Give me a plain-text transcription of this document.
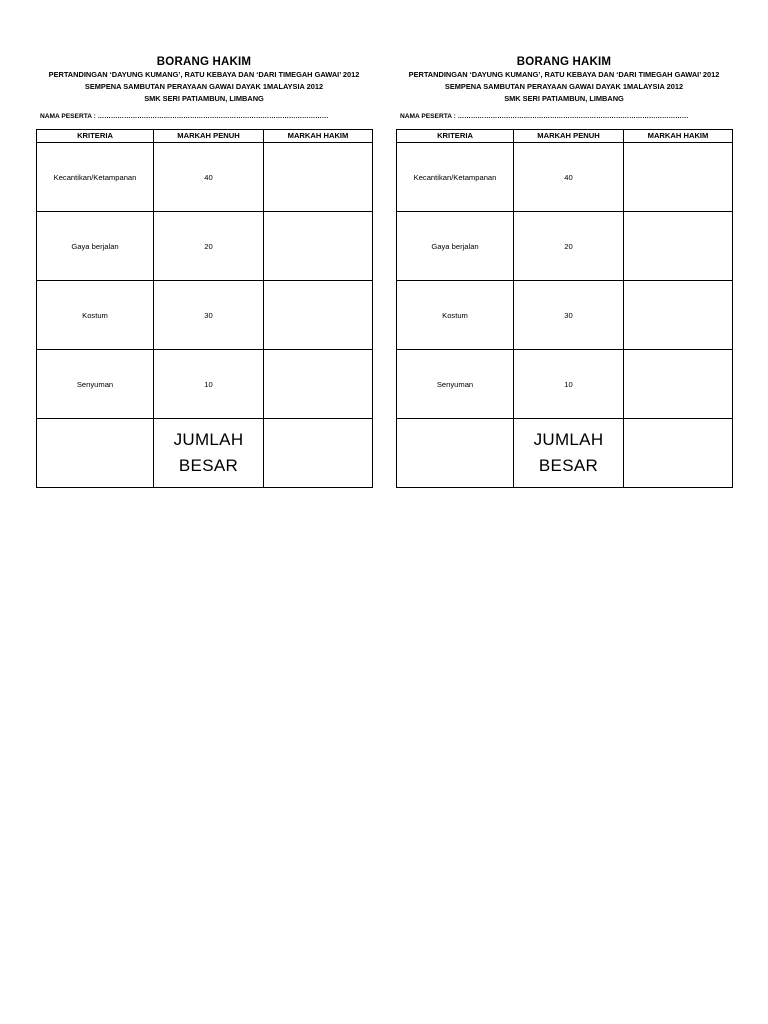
BORANG HAKIM
PERTANDINGAN ‘DAYUNG KUMANG’, RATU KEBAYA DAN ‘DARI TIMEGAH GAWAI’ 2012
SEMPENA SAMBUTAN PERAYAAN GAWAI DAYAK 1MALAYSIA 2012
SMK SERI PATIAMBUN, LIMBANG
NAMA PESERTA : ……………………………………………………………………………………………
KRITERIA	MARKAH PENUH	MARKAH HAKIM
Kecantikan/Ketampanan	40	
Gaya berjalan	20	
Kostum	30	
Senyuman	10	

	JUMLAH
BESAR	

BORANG HAKIM
PERTANDINGAN ‘DAYUNG KUMANG’, RATU KEBAYA DAN ‘DARI TIMEGAH GAWAI’ 2012
SEMPENA SAMBUTAN PERAYAAN GAWAI DAYAK 1MALAYSIA 2012
SMK SERI PATIAMBUN, LIMBANG
NAMA PESERTA : ……………………………………………………………………………………………
KRITERIA	MARKAH PENUH	MARKAH HAKIM
Kecantikan/Ketampanan	40	
Gaya berjalan	20	
Kostum	30	
Senyuman	10	

	JUMLAH
BESAR	
